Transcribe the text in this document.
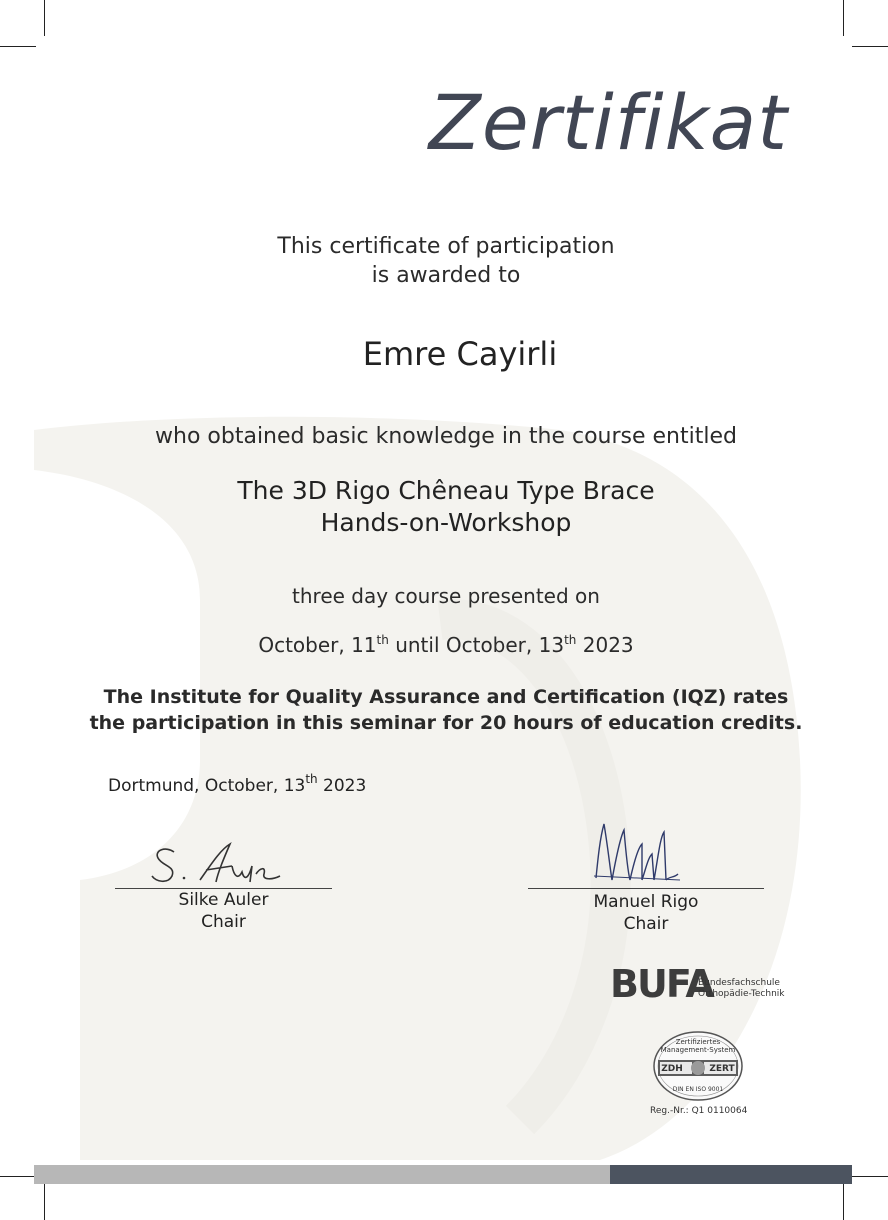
Zertifikat
This certificate of participation
is awarded to
Emre Cayirli
who obtained basic knowledge in the course entitled
The 3D Rigo Chêneau Type Brace
Hands-on-Workshop
three day course presented on
October, 11th until October, 13th 2023
The Institute for Quality Assurance and Certification (IQZ) rates
the participation in this seminar for 20 hours of education credits.
Dortmund, October, 13th 2023
Silke Auler
Chair
Manuel Rigo
Chair
BUFA
Bundesfachschule
Orthopädie-Technik
Zertifiziertes
Management-System
ZDH	ZERT
DIN EN ISO 9001
Reg.-Nr.: Q1 0110064
